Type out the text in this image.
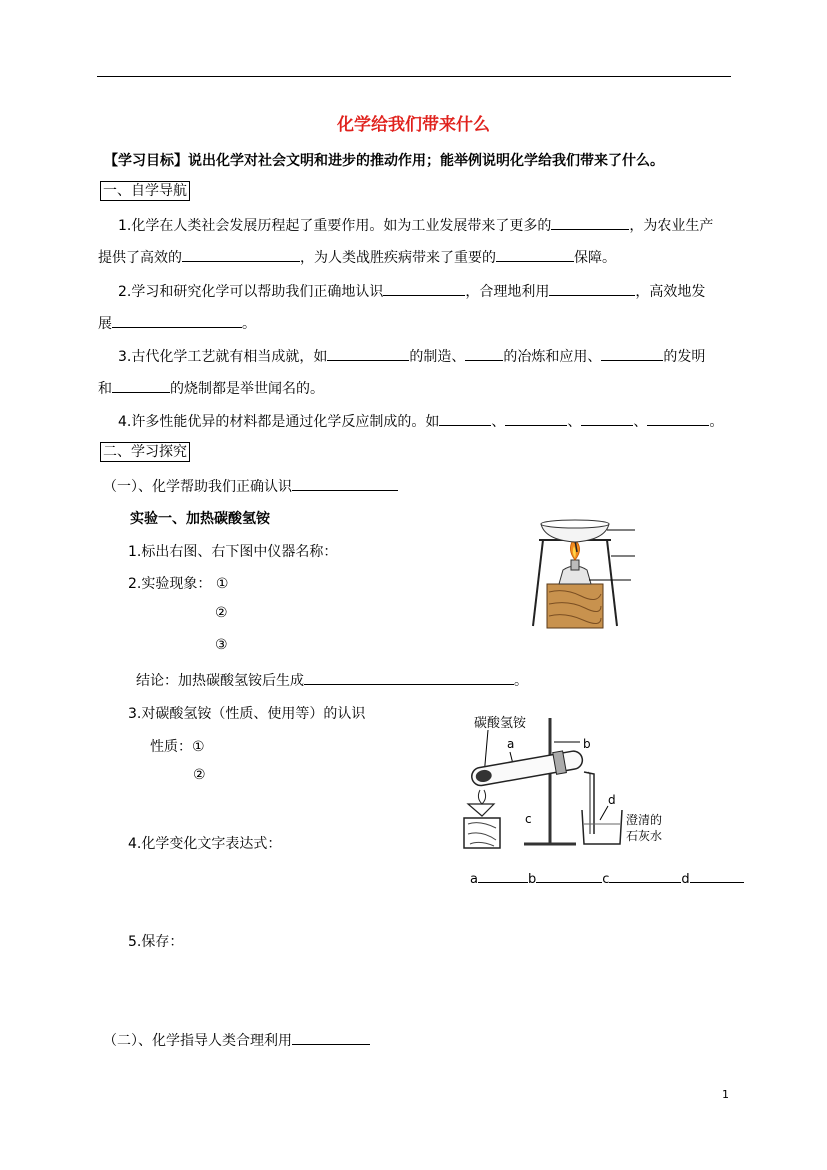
化学给我们带来什么
【学习目标】说出化学对社会文明和进步的推动作用；能举例说明化学给我们带来了什么。
一、自学导航
1.化学在人类社会发展历程起了重要作用。如为工业发展带来了更多的	，为农业生产
提供了高效的	，为人类战胜疾病带来了重要的	保障。
2.学习和研究化学可以帮助我们正确地认识	，合理地利用	，高效地发
展	。
3.古代化学工艺就有相当成就，如	的制造、	的冶炼和应用、	的发明
和	的烧制都是举世闻名的。
4.许多性能优异的材料都是通过化学反应制成的。如	、	、	、	。
二、学习探究
（一）、化学帮助我们正确认识
实验一、加热碳酸氢铵
1.标出右图、右下图中仪器名称：
2.实验现象： ①
②
③
结论：加热碳酸氢铵后生成	。
3.对碳酸氢铵（性质、使用等）的认识
性质：①
②
4.化学变化文字表达式：
5.保存：
（二）、化学指导人类合理利用
碳酸氢铵
a	b
c
d
澄清的
石灰水
a	b	c	d
1
